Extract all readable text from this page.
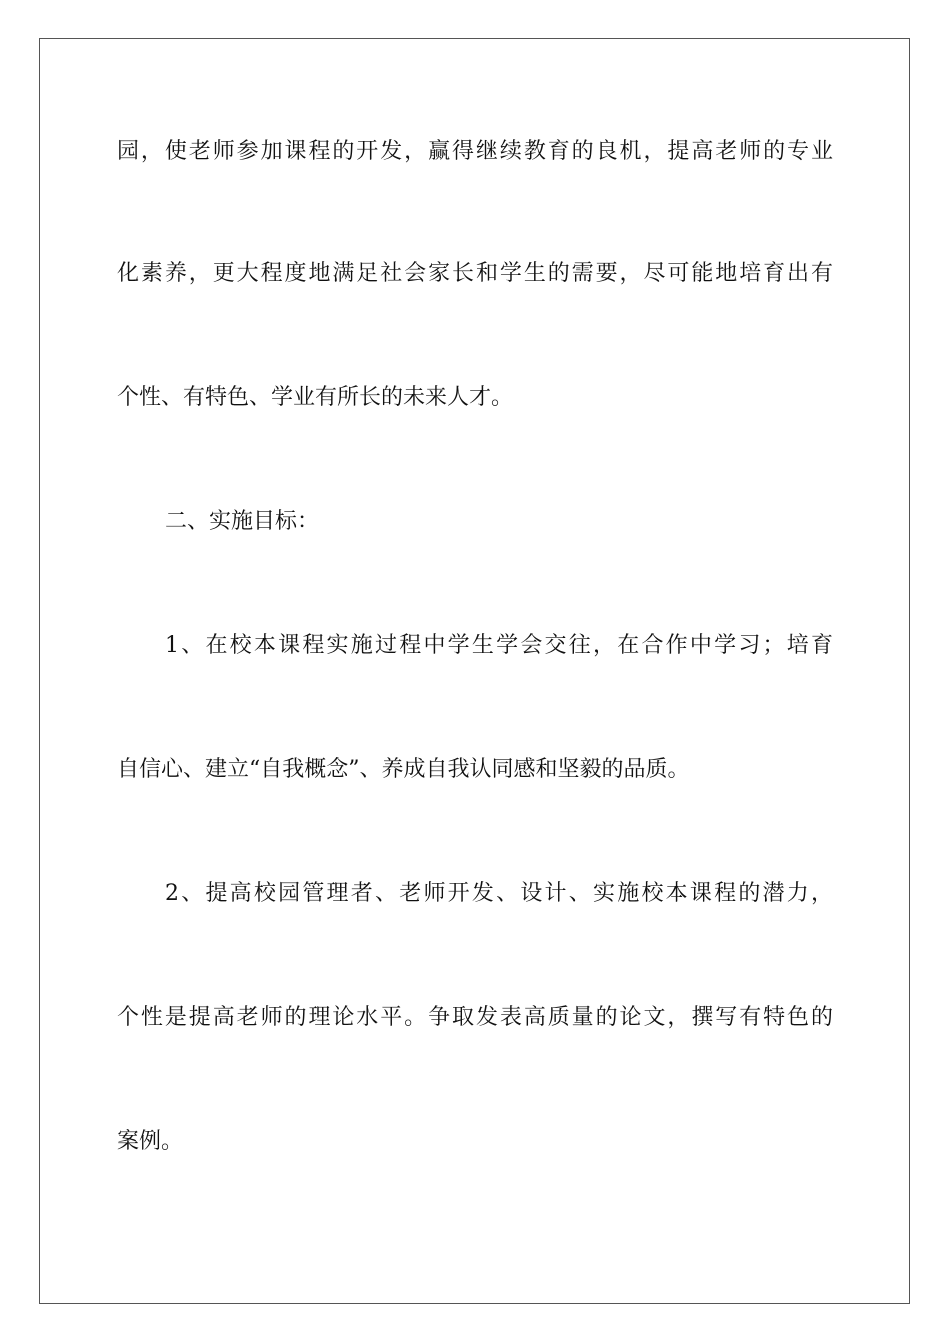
园，使老师参加课程的开发，赢得继续教育的良机，提高老师的专业
化素养，更大程度地满足社会家长和学生的需要，尽可能地培育出有
个性、有特色、学业有所长的未来人才。
二、实施目标：
1、在校本课程实施过程中学生学会交往，在合作中学习；培育
自信心、建立“自我概念”、养成自我认同感和坚毅的品质。
2、提高校园管理者、老师开发、设计、实施校本课程的潜力，
个性是提高老师的理论水平。争取发表高质量的论文，撰写有特色的
案例。
